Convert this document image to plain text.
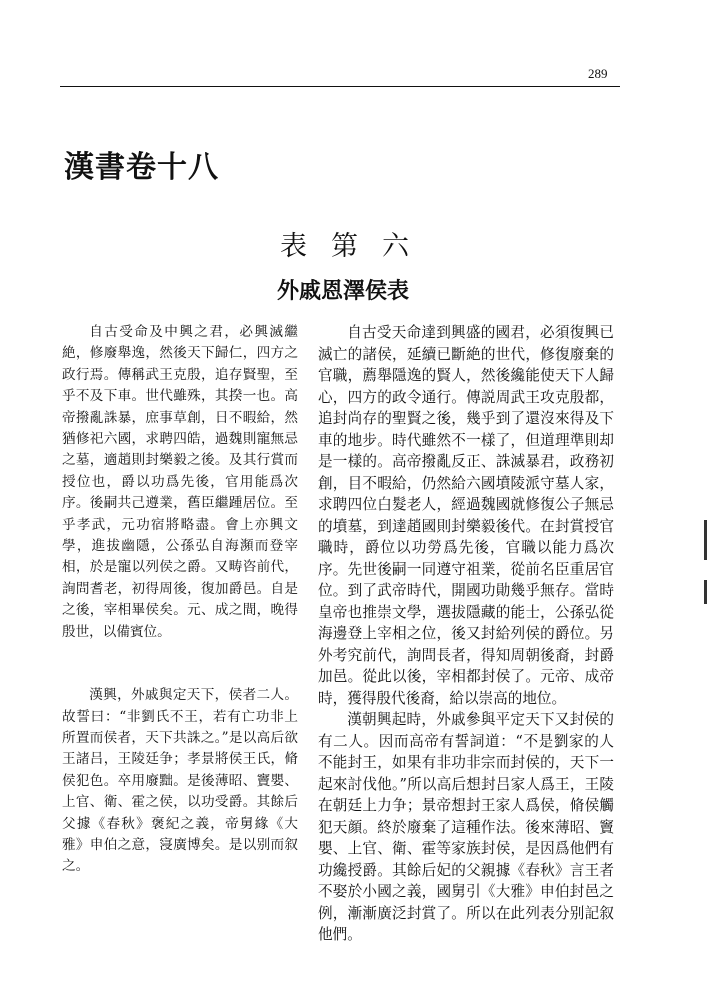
289
漢書卷十八
表第六
外戚恩澤侯表

自古受命及中興之君，必興滅繼絶，修廢舉逸，然後天下歸仁，四方之政行焉。傳稱武王克殷，追存賢聖，至乎不及下車。世代雖殊，其揆一也。高帝撥亂誅暴，庶事草創，日不暇給，然猶修祀六國，求聘四皓，過魏則寵無忌之墓，適趙則封樂毅之後。及其行賞而授位也，爵以功爲先後，官用能爲次序。後嗣共己遵業，舊臣繼踵居位。至乎孝武，元功宿將略盡。會上亦興文學，進拔幽隱，公孫弘自海瀕而登宰相，於是寵以列侯之爵。又畴咨前代，詢問耆老，初得周後，復加爵邑。自是之後，宰相畢侯矣。元、成之間，晚得殷世，以備賓位。

漢興，外戚與定天下，侯者二人。故誓曰：“非劉氏不王，若有亡功非上所置而侯者，天下共誅之。”是以高后欲王諸吕，王陵廷争；孝景將侯王氏，脩侯犯色。卒用廢黜。是後薄昭、竇嬰、上官、衛、霍之侯，以功受爵。其餘后父據《春秋》褒紀之義，帝舅緣《大雅》申伯之意，寖廣博矣。是以别而叙之。

自古受天命達到興盛的國君，必須復興已滅亡的諸侯，延續已斷絶的世代，修復廢棄的官職，薦舉隱逸的賢人，然後纔能使天下人歸心，四方的政令通行。傳説周武王攻克殷都，追封尚存的聖賢之後，幾乎到了還沒來得及下車的地步。時代雖然不一樣了，但道理準則却是一樣的。高帝撥亂反正、誅滅暴君，政務初創，目不暇給，仍然給六國墳陵派守墓人家，求聘四位白髮老人，經過魏國就修復公子無忌的墳墓，到達趙國則封樂毅後代。在封賞授官職時，爵位以功勞爲先後，官職以能力爲次序。先世後嗣一同遵守祖業，從前名臣重居官位。到了武帝時代，開國功勛幾乎無存。當時皇帝也推崇文學，選拔隱藏的能士，公孫弘從海邊登上宰相之位，後又封給列侯的爵位。另外考究前代，詢問長者，得知周朝後裔，封爵加邑。從此以後，宰相都封侯了。元帝、成帝時，獲得殷代後裔，給以崇高的地位。

漢朝興起時，外戚參與平定天下又封侯的有二人。因而高帝有誓詞道：“不是劉家的人不能封王，如果有非功非宗而封侯的，天下一起來討伐他。”所以高后想封吕家人爲王，王陵在朝廷上力争；景帝想封王家人爲侯，脩侯觸犯天顔。終於廢棄了這種作法。後來薄昭、竇嬰、上官、衛、霍等家族封侯，是因爲他們有功纔授爵。其餘后妃的父親據《春秋》言王者不娶於小國之義，國舅引《大雅》申伯封邑之例，漸漸廣泛封賞了。所以在此列表分别記叙他們。
